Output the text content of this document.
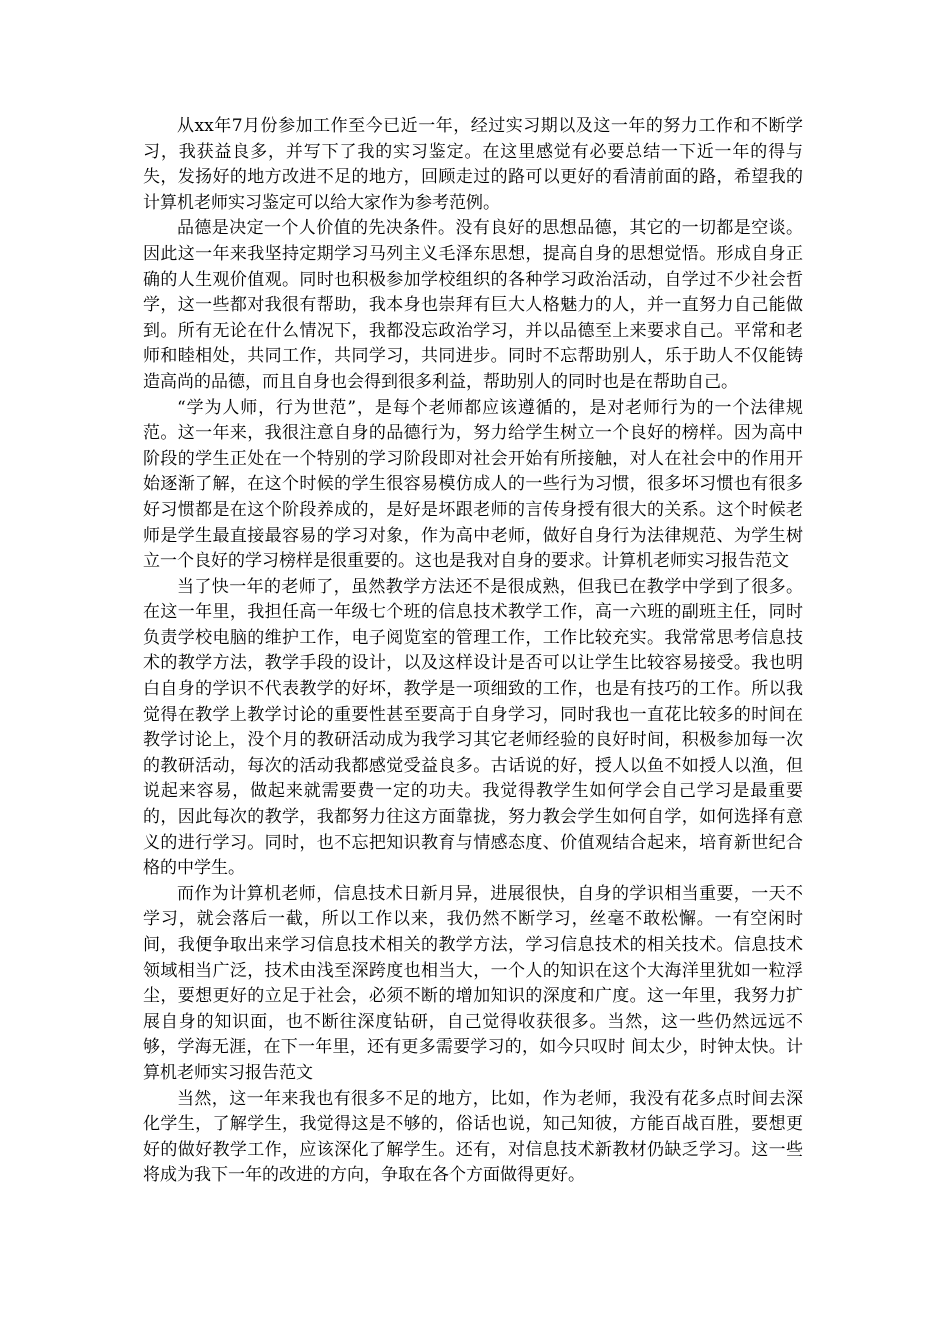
从xx年7月份参加工作至今已近一年，经过实习期以及这一年的努力工作和不断学习，我获益良多，并写下了我的实习鉴定。在这里感觉有必要总结一下近一年的得与失，发扬好的地方改进不足的地方，回顾走过的路可以更好的看清前面的路，希望我的计算机老师实习鉴定可以给大家作为参考范例。

品德是决定一个人价值的先决条件。没有良好的思想品德，其它的一切都是空谈。因此这一年来我坚持定期学习马列主义毛泽东思想，提高自身的思想觉悟。形成自身正确的人生观价值观。同时也积极参加学校组织的各种学习政治活动，自学过不少社会哲学，这一些都对我很有帮助，我本身也崇拜有巨大人格魅力的人，并一直努力自己能做到。所有无论在什么情况下，我都没忘政治学习，并以品德至上来要求自己。平常和老师和睦相处，共同工作，共同学习，共同进步。同时不忘帮助别人，乐于助人不仅能铸造高尚的品德，而且自身也会得到很多利益，帮助别人的同时也是在帮助自己。

“学为人师，行为世范”，是每个老师都应该遵循的，是对老师行为的一个法律规范。这一年来，我很注意自身的品德行为，努力给学生树立一个良好的榜样。因为高中阶段的学生正处在一个特别的学习阶段即对社会开始有所接触，对人在社会中的作用开始逐渐了解，在这个时候的学生很容易模仿成人的一些行为习惯，很多坏习惯也有很多好习惯都是在这个阶段养成的，是好是坏跟老师的言传身授有很大的关系。这个时候老师是学生最直接最容易的学习对象，作为高中老师，做好自身行为法律规范、为学生树立一个良好的学习榜样是很重要的。这也是我对自身的要求。计算机老师实习报告范文

当了快一年的老师了，虽然教学方法还不是很成熟，但我已在教学中学到了很多。在这一年里，我担任高一年级七个班的信息技术教学工作，高一六班的副班主任，同时负责学校电脑的维护工作，电子阅览室的管理工作，工作比较充实。我常常思考信息技术的教学方法，教学手段的设计，以及这样设计是否可以让学生比较容易接受。我也明白自身的学识不代表教学的好坏，教学是一项细致的工作，也是有技巧的工作。所以我觉得在教学上教学讨论的重要性甚至要高于自身学习，同时我也一直花比较多的时间在教学讨论上，没个月的教研活动成为我学习其它老师经验的良好时间，积极参加每一次的教研活动，每次的活动我都感觉受益良多。古话说的好，授人以鱼不如授人以渔，但说起来容易，做起来就需要费一定的功夫。我觉得教学生如何学会自己学习是最重要的，因此每次的教学，我都努力往这方面靠拢，努力教会学生如何自学，如何选择有意义的进行学习。同时，也不忘把知识教育与情感态度、价值观结合起来，培育新世纪合格的中学生。

而作为计算机老师，信息技术日新月异，进展很快，自身的学识相当重要，一天不学习，就会落后一截，所以工作以来，我仍然不断学习，丝毫不敢松懈。一有空闲时间，我便争取出来学习信息技术相关的教学方法，学习信息技术的相关技术。信息技术领域相当广泛，技术由浅至深跨度也相当大，一个人的知识在这个大海洋里犹如一粒浮尘，要想更好的立足于社会，必须不断的增加知识的深度和广度。这一年里，我努力扩展自身的知识面，也不断往深度钻研，自己觉得收获很多。当然，这一些仍然远远不够，学海无涯，在下一年里，还有更多需要学习的，如今只叹时 间太少，时钟太快。计算机老师实习报告范文

当然，这一年来我也有很多不足的地方，比如，作为老师，我没有花多点时间去深化学生，了解学生，我觉得这是不够的，俗话也说，知己知彼，方能百战百胜，要想更好的做好教学工作，应该深化了解学生。还有，对信息技术新教材仍缺乏学习。这一些将成为我下一年的改进的方向，争取在各个方面做得更好。
